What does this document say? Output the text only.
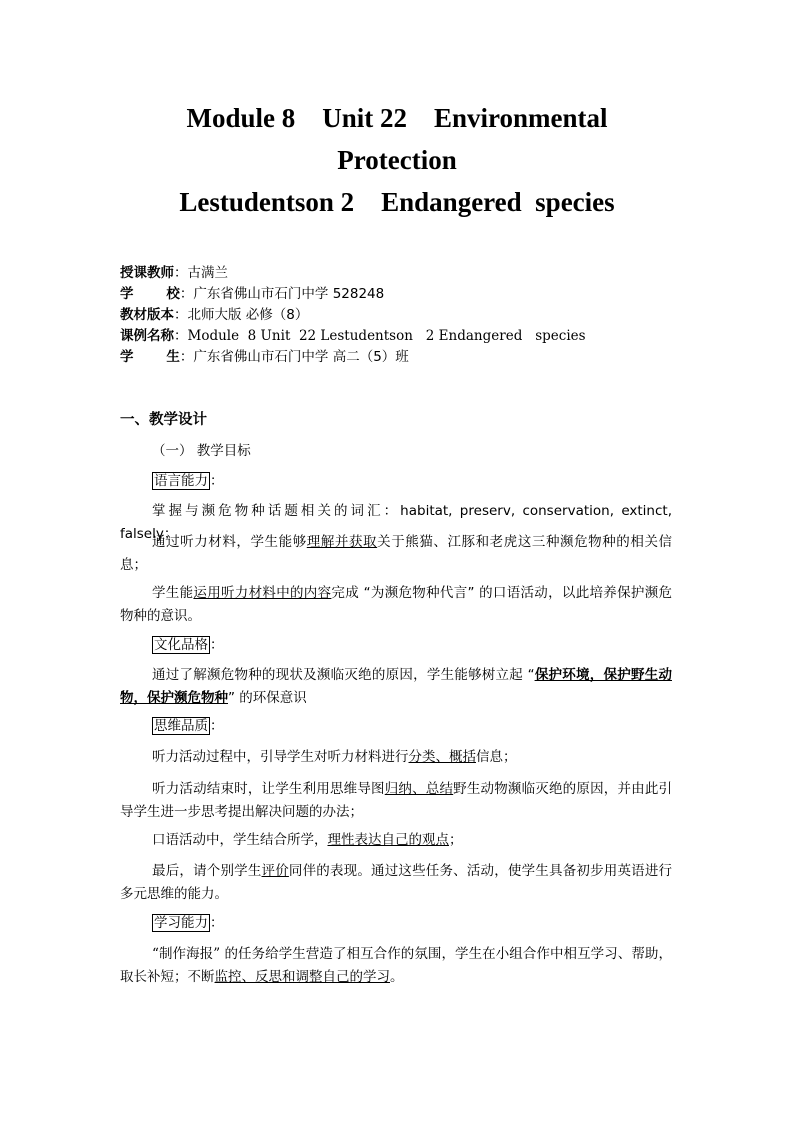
Module 8    Unit 22    Environmental
Protection
Lestudentson 2    Endangered  species
授课教师：古满兰
学       校：广东省佛山市石门中学 528248
教材版本：北师大版 必修（8）
课例名称：Module  8 Unit  22 Lestudentson   2 Endangered   species
学       生：广东省佛山市石门中学 高二（5）班
一、教学设计
（一） 教学目标
语言能力 ：
掌握与濒危物种话题相关的词汇：habitat, preserv, conservation, extinct, falsely；
通过听力材料，学生能够理解并获取关于熊猫、江豚和老虎这三种濒危物种的相关信息；
学生能运用听力材料中的内容完成 “为濒危物种代言” 的口语活动，以此培养保护濒危物种的意识。
文化品格 ：
通过了解濒危物种的现状及濒临灭绝的原因，学生能够树立起 “保护环境，保护野生动物，保护濒危物种” 的环保意识
思维品质 ：
听力活动过程中，引导学生对听力材料进行分类、概括信息；
听力活动结束时，让学生利用思维导图归纳、总结野生动物濒临灭绝的原因，并由此引导学生进一步思考提出解决问题的办法；
口语活动中，学生结合所学，理性表达自己的观点；
最后，请个别学生评价同伴的表现。通过这些任务、活动，使学生具备初步用英语进行多元思维的能力。
学习能力 ：
“制作海报” 的任务给学生营造了相互合作的氛围，学生在小组合作中相互学习、帮助，取长补短；不断监控、反思和调整自己的学习。
